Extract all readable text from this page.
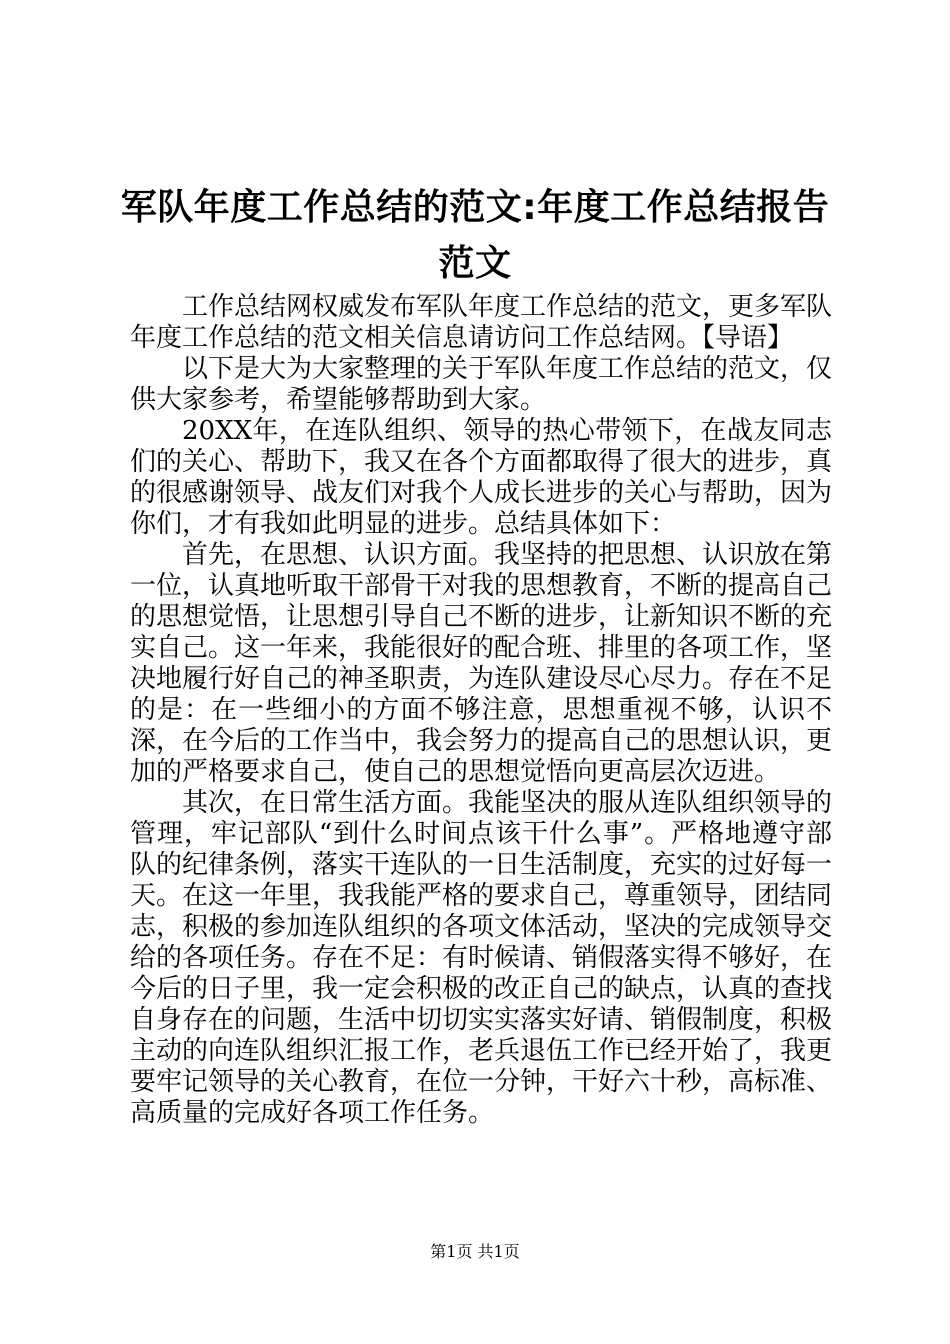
军队年度工作总结的范文:年度工作总结报告范文

工作总结网权威发布军队年度工作总结的范文，更多军队年度工作总结的范文相关信息请访问工作总结网。【导语】

以下是大为大家整理的关于军队年度工作总结的范文，仅供大家参考，希望能够帮助到大家。

20XX年，在连队组织、领导的热心带领下，在战友同志们的关心、帮助下，我又在各个方面都取得了很大的进步，真的很感谢领导、战友们对我个人成长进步的关心与帮助，因为你们，才有我如此明显的进步。总结具体如下：

首先，在思想、认识方面。我坚持的把思想、认识放在第一位，认真地听取干部骨干对我的思想教育，不断的提高自己的思想觉悟，让思想引导自己不断的进步，让新知识不断的充实自己。这一年来，我能很好的配合班、排里的各项工作，坚决地履行好自己的神圣职责，为连队建设尽心尽力。存在不足的是：在一些细小的方面不够注意，思想重视不够，认识不深，在今后的工作当中，我会努力的提高自己的思想认识，更加的严格要求自己，使自己的思想觉悟向更高层次迈进。

其次，在日常生活方面。我能坚决的服从连队组织领导的管理，牢记部队“到什么时间点该干什么事”。严格地遵守部队的纪律条例，落实干连队的一日生活制度，充实的过好每一天。在这一年里，我我能严格的要求自己，尊重领导，团结同志，积极的参加连队组织的各项文体活动，坚决的完成领导交给的各项任务。存在不足：有时候请、销假落实得不够好，在今后的日子里，我一定会积极的改正自己的缺点，认真的查找自身存在的问题，生活中切切实实落实好请、销假制度，积极主动的向连队组织汇报工作，老兵退伍工作已经开始了，我更要牢记领导的关心教育，在位一分钟，干好六十秒，高标准、高质量的完成好各项工作任务。

第1页 共1页
